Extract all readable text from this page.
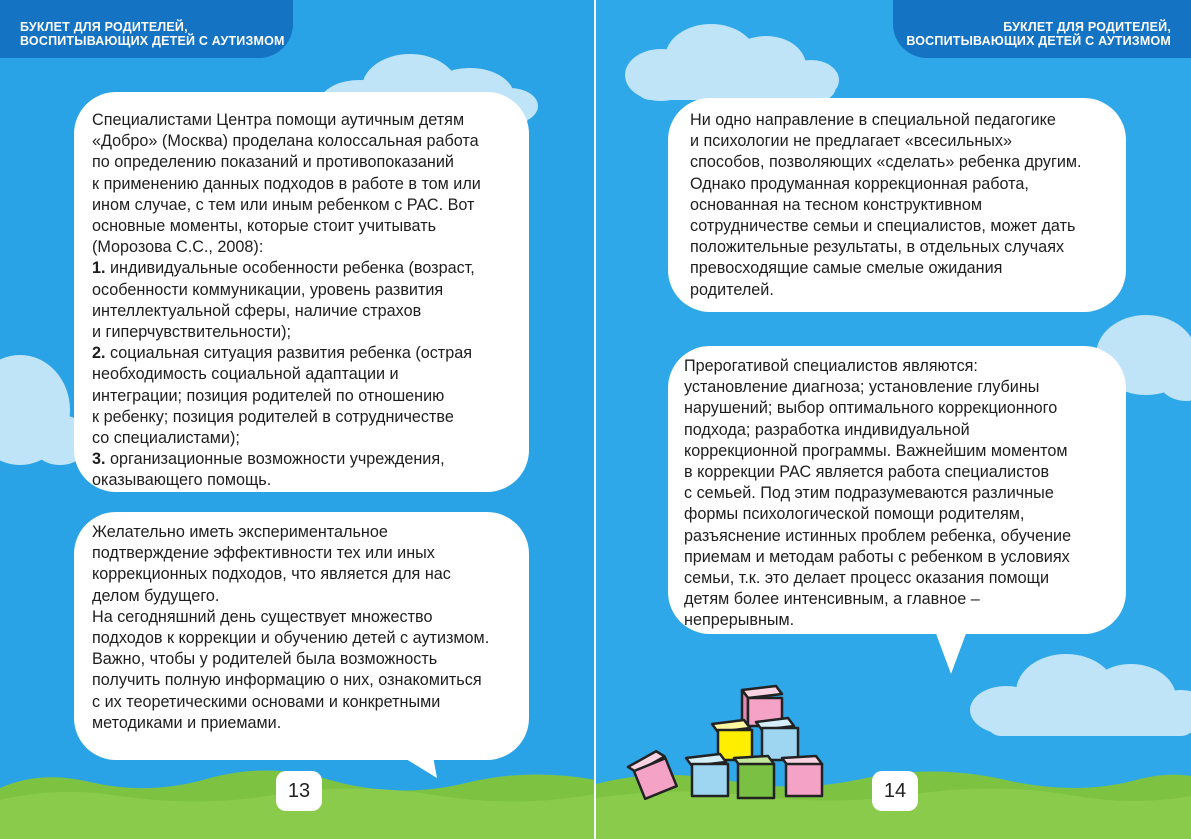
БУКЛЕТ ДЛЯ РОДИТЕЛЕЙ,
ВОСПИТЫВАЮЩИХ ДЕТЕЙ С АУТИЗМОМ

Специалистами Центра помощи аутичным детям
«Добро» (Москва) проделана колоссальная работа
по определению показаний и противопоказаний
к применению данных подходов в работе в том или
ином случае, с тем или иным ребенком с РАС. Вот
основные моменты, которые стоит учитывать
(Морозова С.С., 2008):

1. индивидуальные особенности ребенка (возраст,
особенности коммуникации, уровень развития
интеллектуальной сферы, наличие страхов
и гиперчувствительности);

2. социальная ситуация развития ребенка (острая
необходимость социальной адаптации и
интеграции; позиция родителей по отношению
к ребенку; позиция родителей в сотрудничестве
со специалистами);

3. организационные возможности учреждения,
оказывающего помощь.

Желательно иметь экспериментальное
подтверждение эффективности тех или иных
коррекционных подходов, что является для нас
делом будущего.
На сегодняшний день существует множество
подходов к коррекции и обучению детей с аутизмом.
Важно, чтобы у родителей была возможность
получить полную информацию о них, ознакомиться
с их теоретическими основами и конкретными
методиками и приемами.

13
БУКЛЕТ ДЛЯ РОДИТЕЛЕЙ,
ВОСПИТЫВАЮЩИХ ДЕТЕЙ С АУТИЗМОМ

Ни одно направление в специальной педагогике
и психологии не предлагает «всесильных»
способов, позволяющих «сделать» ребенка другим.
Однако продуманная коррекционная работа,
основанная на тесном конструктивном
сотрудничестве семьи и специалистов, может дать
положительные результаты, в отдельных случаях
превосходящие самые смелые ожидания
родителей.

Прерогативой специалистов являются:
установление диагноза; установление глубины
нарушений; выбор оптимального коррекционного
подхода; разработка индивидуальной
коррекционной программы. Важнейшим моментом
в коррекции РАС является работа специалистов
с семьей. Под этим подразумеваются различные
формы психологической помощи родителям,
разъяснение истинных проблем ребенка, обучение
приемам и методам работы с ребенком в условиях
семьи, т.к. это делает процесс оказания помощи
детям более интенсивным, а главное –
непрерывным.

14
